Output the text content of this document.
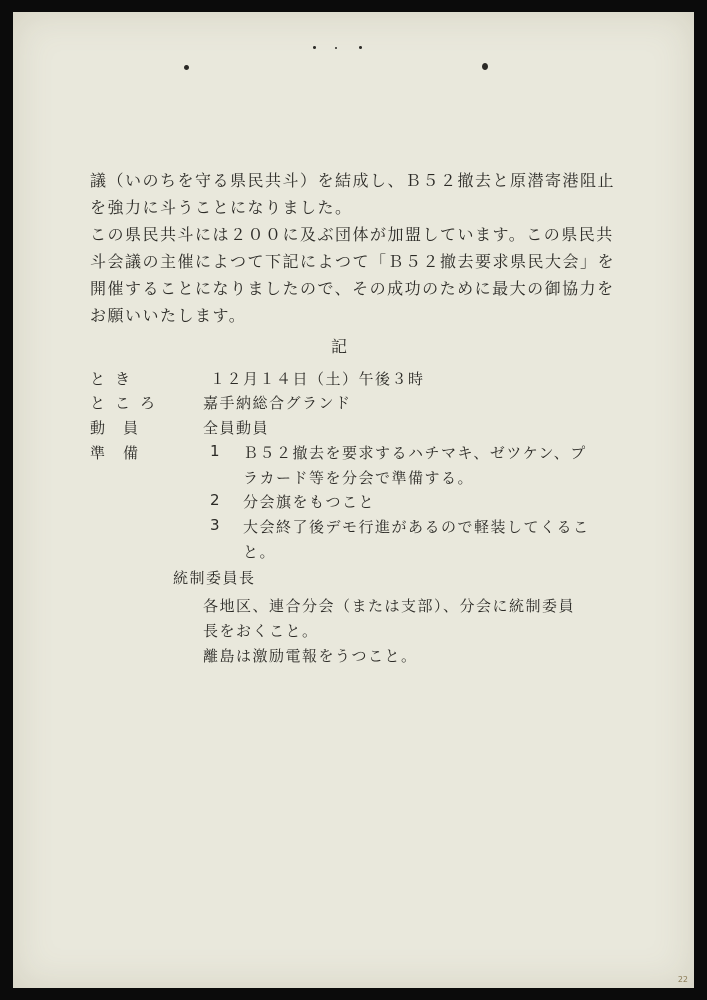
議（いのちを守る県民共斗）を結成し、Ｂ５２撤去と原潜寄港阻止
を強力に斗うことになりました。
この県民共斗には２００に及ぶ団体が加盟しています。この県民共
斗会議の主催によつて下記によつて「Ｂ５２撤去要求県民大会」を
開催することになりましたので、その成功のために最大の御協力を
お願いいたします。
記
とき	１２月１４日（土）午後３時
ところ	嘉手納総合グランド
動員	全員動員
準備	1 Ｂ５２撤去を要求するハチマキ、ゼツケン、プ
ラカード等を分会で準備する。
2 分会旗をもつこと
3 大会終了後デモ行進があるので軽装してくるこ
と。
統制委員長
各地区、連合分会（または支部）、分会に統制委員
長をおくこと。
離島は激励電報をうつこと。
22
